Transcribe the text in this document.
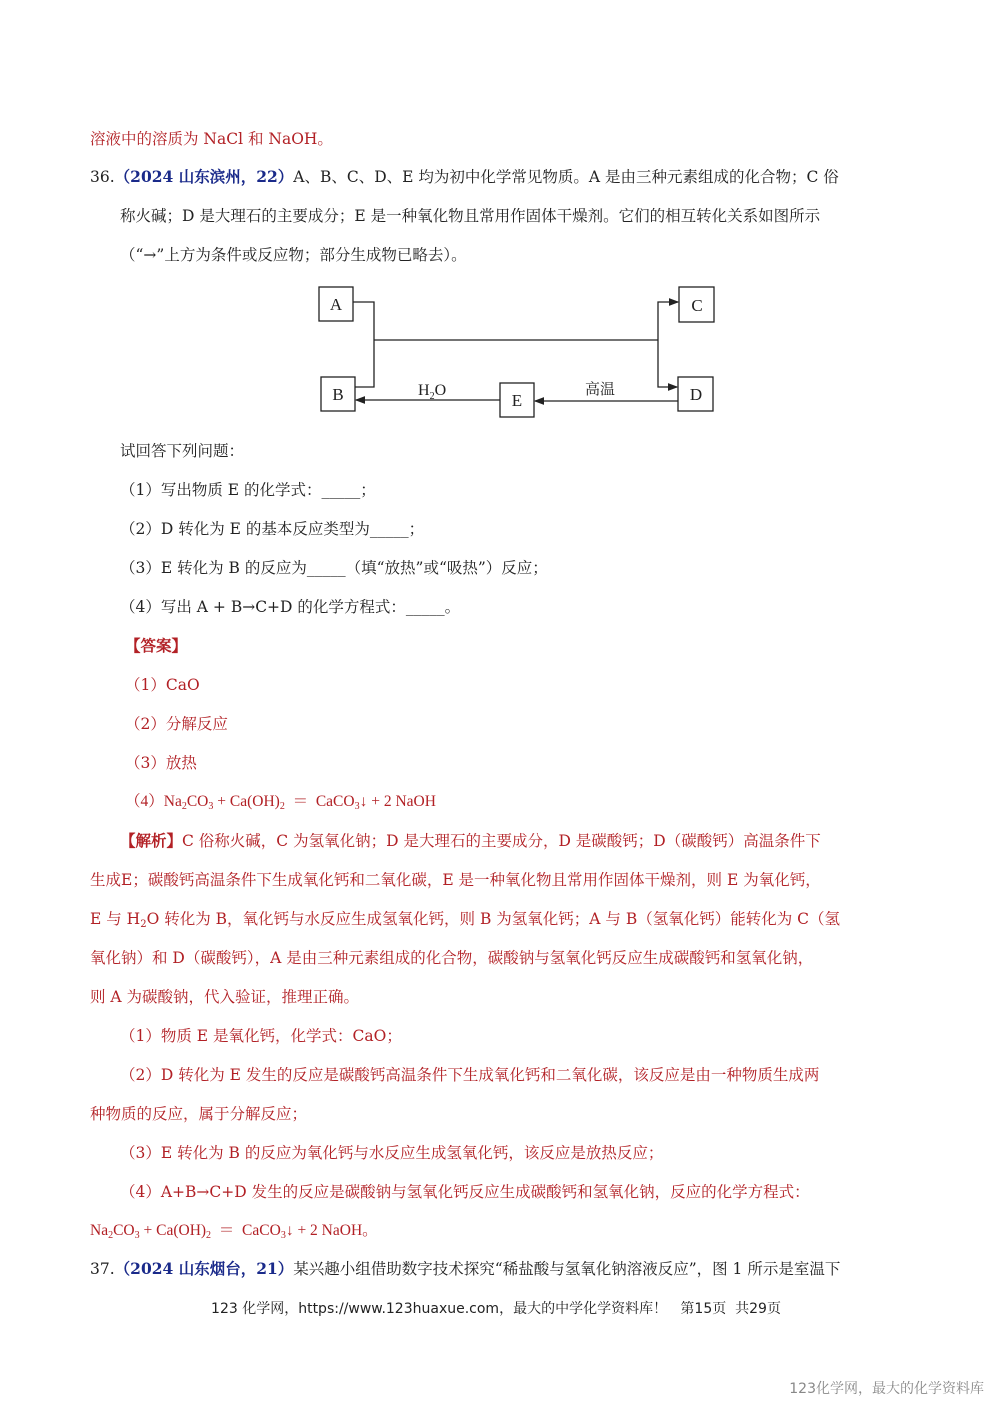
溶液中的溶质为 NaCl 和 NaOH。
36.（2024 山东滨州，22）A、B、C、D、E 均为初中化学常见物质。A 是由三种元素组成的化合物；C 俗
称火碱；D 是大理石的主要成分；E 是一种氧化物且常用作固体干燥剂。它们的相互转化关系如图所示
（“→”上方为条件或反应物；部分生成物已略去）。
A
B
C
D
E
$H_2O$	高温
试回答下列问题：
（1）写出物质 E 的化学式：_____；
（2）D 转化为 E 的基本反应类型为_____；
（3）E 转化为 B 的反应为_____（填“放热”或“吸热”）反应；
（4）写出 A + B→C+D 的化学方程式：_____。
【答案】
（1）CaO
（2）分解反应
（3）放热
$(4)Na_2CO_3 + Ca(OH)_2$  ＝  CaCO$_3$↓ + 2 NaOH
【解析】C 俗称火碱，C 为氢氧化钠；D 是大理石的主要成分，D 是碳酸钙；D（碳酸钙）高温条件下
生成E；碳酸钙高温条件下生成氧化钙和二氧化碳，E 是一种氧化物且常用作固体干燥剂，则 E 为氧化钙，
E 与 $H_2O$ 转化为 B，氧化钙与水反应生成氢氧化钙，则 B 为氢氧化钙；A 与 B（氢氧化钙）能转化为 C（氢
氧化钠）和 D（碳酸钙），A 是由三种元素组成的化合物，碳酸钠与氢氧化钙反应生成碳酸钙和氢氧化钠，
则 A 为碳酸钠，代入验证，推理正确。
（1）物质 E 是氧化钙，化学式：CaO；
（2）D 转化为 E 发生的反应是碳酸钙高温条件下生成氧化钙和二氧化碳，该反应是由一种物质生成两
种物质的反应，属于分解反应；
（3）E 转化为 B 的反应为氧化钙与水反应生成氢氧化钙，该反应是放热反应；
（4）A+B→C+D 发生的反应是碳酸钠与氢氧化钙反应生成碳酸钙和氢氧化钠，反应的化学方程式：
$Na_2CO_3 + Ca(OH)_2$  ＝  CaCO$_3$↓ + 2 NaOH。
37.（2024 山东烟台，21）某兴趣小组借助数字技术探究“稀盐酸与氢氧化钠溶液反应”，图 1 所示是室温下
123 化学网，https://www.123huaxue.com，最大的中学化学资料库！   第15页  共29页
123化学网，最大的化学资料库
